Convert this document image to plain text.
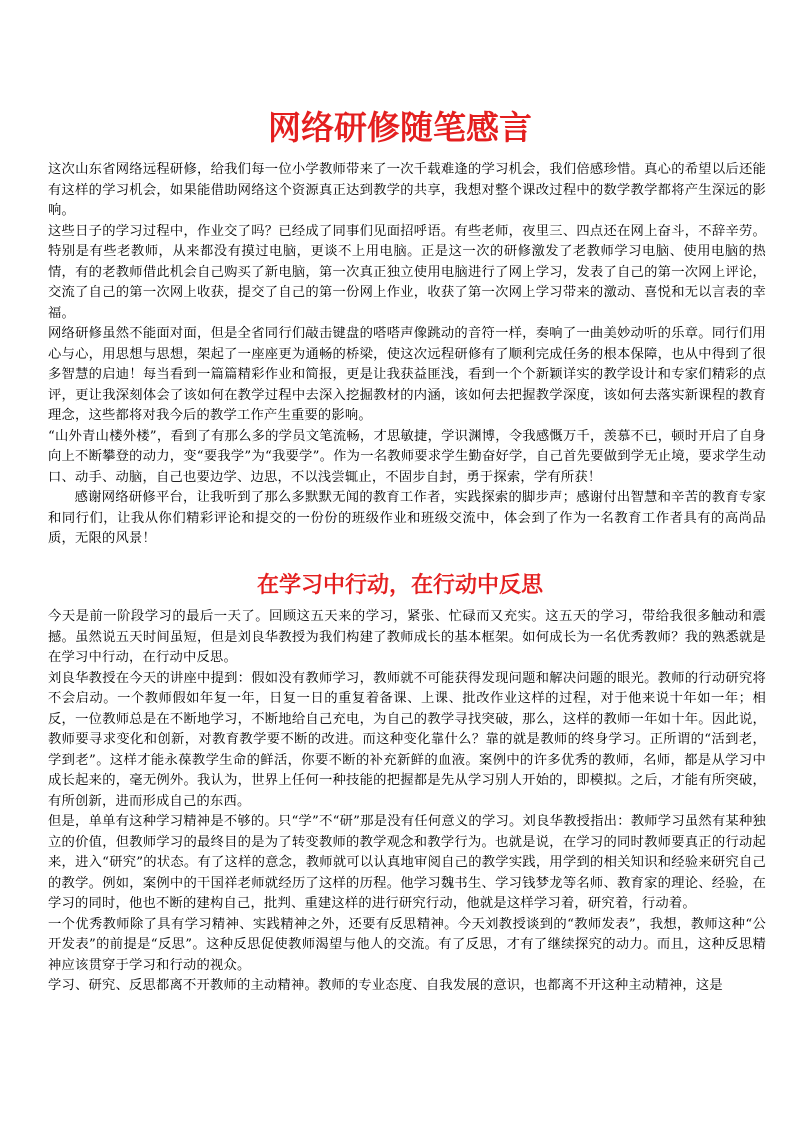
网络研修随笔感言

这次山东省网络远程研修，给我们每一位小学教师带来了一次千载难逢的学习机会，我们倍感珍惜。真心的希望以后还能有这样的学习机会，如果能借助网络这个资源真正达到教学的共享，我想对整个课改过程中的数学教学都将产生深远的影响。

这些日子的学习过程中，作业交了吗？已经成了同事们见面招呼语。有些老师，夜里三、四点还在网上奋斗，不辞辛劳。特别是有些老教师，从来都没有摸过电脑，更谈不上用电脑。正是这一次的研修激发了老教师学习电脑、使用电脑的热情，有的老教师借此机会自己购买了新电脑，第一次真正独立使用电脑进行了网上学习，发表了自己的第一次网上评论，交流了自己的第一次网上收获，提交了自己的第一份网上作业，收获了第一次网上学习带来的激动、喜悦和无以言表的幸福。

网络研修虽然不能面对面，但是全省同行们敲击键盘的嗒嗒声像跳动的音符一样，奏响了一曲美妙动听的乐章。同行们用心与心，用思想与思想，架起了一座座更为通畅的桥梁，使这次远程研修有了顺利完成任务的根本保障，也从中得到了很多智慧的启迪！每当看到一篇篇精彩作业和简报，更是让我获益匪浅，看到一个个新颖详实的教学设计和专家们精彩的点评，更让我深刻体会了该如何在教学过程中去深入挖掘教材的内涵，该如何去把握教学深度，该如何去落实新课程的教育理念，这些都将对我今后的教学工作产生重要的影响。

“山外青山楼外楼”，看到了有那么多的学员文笔流畅，才思敏捷，学识渊博，令我感慨万千，羡慕不已，顿时开启了自身向上不断攀登的动力，变“要我学”为“我要学”。作为一名教师要求学生勤奋好学，自己首先要做到学无止境，要求学生动口、动手、动脑，自己也要边学、边思，不以浅尝辄止，不固步自封，勇于探索，学有所获！

感谢网络研修平台，让我听到了那么多默默无闻的教育工作者，实践探索的脚步声；感谢付出智慧和辛苦的教育专家和同行们，让我从你们精彩评论和提交的一份份的班级作业和班级交流中，体会到了作为一名教育工作者具有的高尚品质，无限的风景！

在学习中行动，在行动中反思

今天是前一阶段学习的最后一天了。回顾这五天来的学习，紧张、忙碌而又充实。这五天的学习，带给我很多触动和震撼。虽然说五天时间虽短，但是刘良华教授为我们构建了教师成长的基本框架。如何成长为一名优秀教师？我的熟悉就是在学习中行动，在行动中反思。

刘良华教授在今天的讲座中提到：假如没有教师学习，教师就不可能获得发现问题和解决问题的眼光。教师的行动研究将不会启动。一个教师假如年复一年，日复一日的重复着备课、上课、批改作业这样的过程，对于他来说十年如一年；相反，一位教师总是在不断地学习，不断地给自己充电，为自己的教学寻找突破，那么，这样的教师一年如十年。因此说，教师要寻求变化和创新，对教育教学要不断的改进。而这种变化靠什么？靠的就是教师的终身学习。正所谓的“活到老，学到老”。这样才能永葆教学生命的鲜活，你要不断的补充新鲜的血液。案例中的许多优秀的教师，名师，都是从学习中成长起来的，毫无例外。我认为，世界上任何一种技能的把握都是先从学习别人开始的，即模拟。之后，才能有所突破，有所创新，进而形成自己的东西。

但是，单单有这种学习精神是不够的。只“学”不“研”那是没有任何意义的学习。刘良华教授指出：教师学习虽然有某种独立的价值，但教师学习的最终目的是为了转变教师的教学观念和教学行为。也就是说，在学习的同时教师要真正的行动起来，进入“研究”的状态。有了这样的意念，教师就可以认真地审阅自己的教学实践，用学到的相关知识和经验来研究自己的教学。例如，案例中的干国祥老师就经历了这样的历程。他学习魏书生、学习钱梦龙等名师、教育家的理论、经验，在学习的同时，他也不断的建构自己，批判、重建这样的进行研究行动，他就是这样学习着，研究着，行动着。

一个优秀教师除了具有学习精神、实践精神之外，还要有反思精神。今天刘教授谈到的“教师发表”，我想，教师这种“公开发表”的前提是“反思”。这种反思促使教师渴望与他人的交流。有了反思，才有了继续探究的动力。而且，这种反思精神应该贯穿于学习和行动的视众。

学习、研究、反思都离不开教师的主动精神。教师的专业态度、自我发展的意识，也都离不开这种主动精神，这是
